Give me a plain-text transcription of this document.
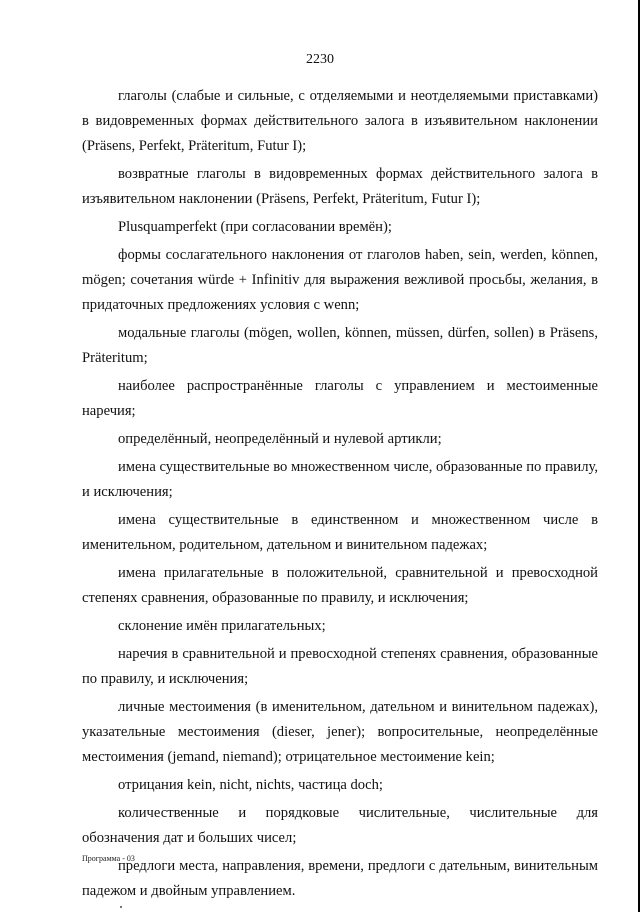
2230

глаголы (слабые и сильные, с отделяемыми и неотделяемыми приставками) в видовременных формах действительного залога в изъявительном наклонении (Präsens, Perfekt, Präteritum, Futur I);

возвратные глаголы в видовременных формах действительного залога в изъявительном наклонении (Präsens, Perfekt, Präteritum, Futur I);

Plusquamperfekt (при согласовании времён);

формы сослагательного наклонения от глаголов haben, sein, werden, können, mögen; сочетания würde + Infinitiv для выражения вежливой просьбы, желания, в придаточных предложениях условия с wenn;

модальные глаголы (mögen, wollen, können, müssen, dürfen, sollen) в Präsens, Präteritum;

наиболее распространённые глаголы с управлением и местоименные наречия;

определённый, неопределённый и нулевой артикли;

имена существительные во множественном числе, образованные по правилу, и исключения;

имена существительные в единственном и множественном числе в именительном, родительном, дательном и винительном падежах;

имена прилагательные в положительной, сравнительной и превосходной степенях сравнения, образованные по правилу, и исключения;

склонение имён прилагательных;

наречия в сравнительной и превосходной степенях сравнения, образованные по правилу, и исключения;

личные местоимения (в именительном, дательном и винительном падежах), указательные местоимения (dieser, jener); вопросительные, неопределённые местоимения (jemand, niemand); отрицательное местоимение kein;

отрицания kein, nicht, nichts, частица doch;

количественные и порядковые числительные, числительные для обозначения дат и больших чисел;

предлоги места, направления, времени, предлоги с дательным, винительным падежом и двойным управлением.

Программа - 03
